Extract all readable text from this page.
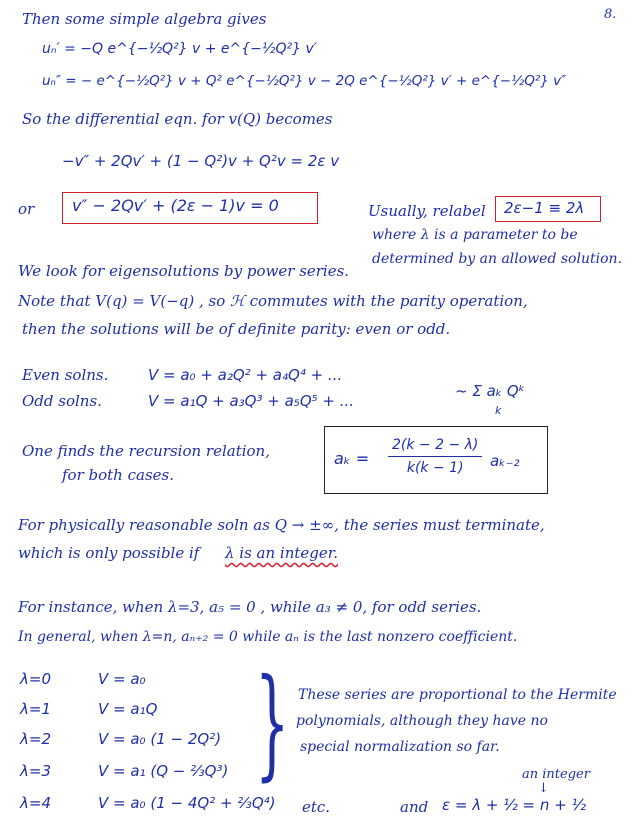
8.
Then some simple algebra gives
uₙ′ = −Q e^{−½Q²} v + e^{−½Q²} v′
uₙ″ = − e^{−½Q²} v + Q² e^{−½Q²} v − 2Q e^{−½Q²} v′ + e^{−½Q²} v″
So the differential eqn. for v(Q) becomes
−v″ + 2Qv′ + (1 − Q²)v + Q²v = 2ε v
or v″ − 2Qv′ + (2ε − 1)v = 0	Usually, relabel 2ε−1 ≡ 2λ
where λ is a parameter to be
determined by an allowed solution.
We look for eigensolutions by power series.
Note that V(q) = V(−q) , so ℋ commutes with the parity operation,
then the solutions will be of definite parity: even or odd.
Even solns.	V = a₀ + a₂Q² + a₄Q⁴ + ...
Odd solns.	V = a₁Q + a₃Q³ + a₅Q⁵ + ...
~ Σ aₖ Qᵏ
k
One finds the recursion relation,
for both cases.
$a_k = \frac{2(k - 2 - \lambda)}{k(k - 1)} a_{k-2}$
For physically reasonable soln as Q → ±∞, the series must terminate,
which is only possible if λ is an integer.
For instance, when λ=3, a₅ = 0 , while a₃ ≠ 0, for odd series.
In general, when λ=n, aₙ₊₂ = 0 while aₙ is the last nonzero coefficient.
λ=0	V = a₀
λ=1	V = a₁Q
λ=2	V = a₀ (1 − 2Q²)
λ=3	V = a₁ (Q − ⅔Q³)
λ=4	V = a₀ (1 − 4Q² + ⅔Q⁴)
} These series are proportional to the Hermite
polynomials, although they have no
special normalization so far.
an integer
↓
etc.	and ε = λ + ½ = n + ½
